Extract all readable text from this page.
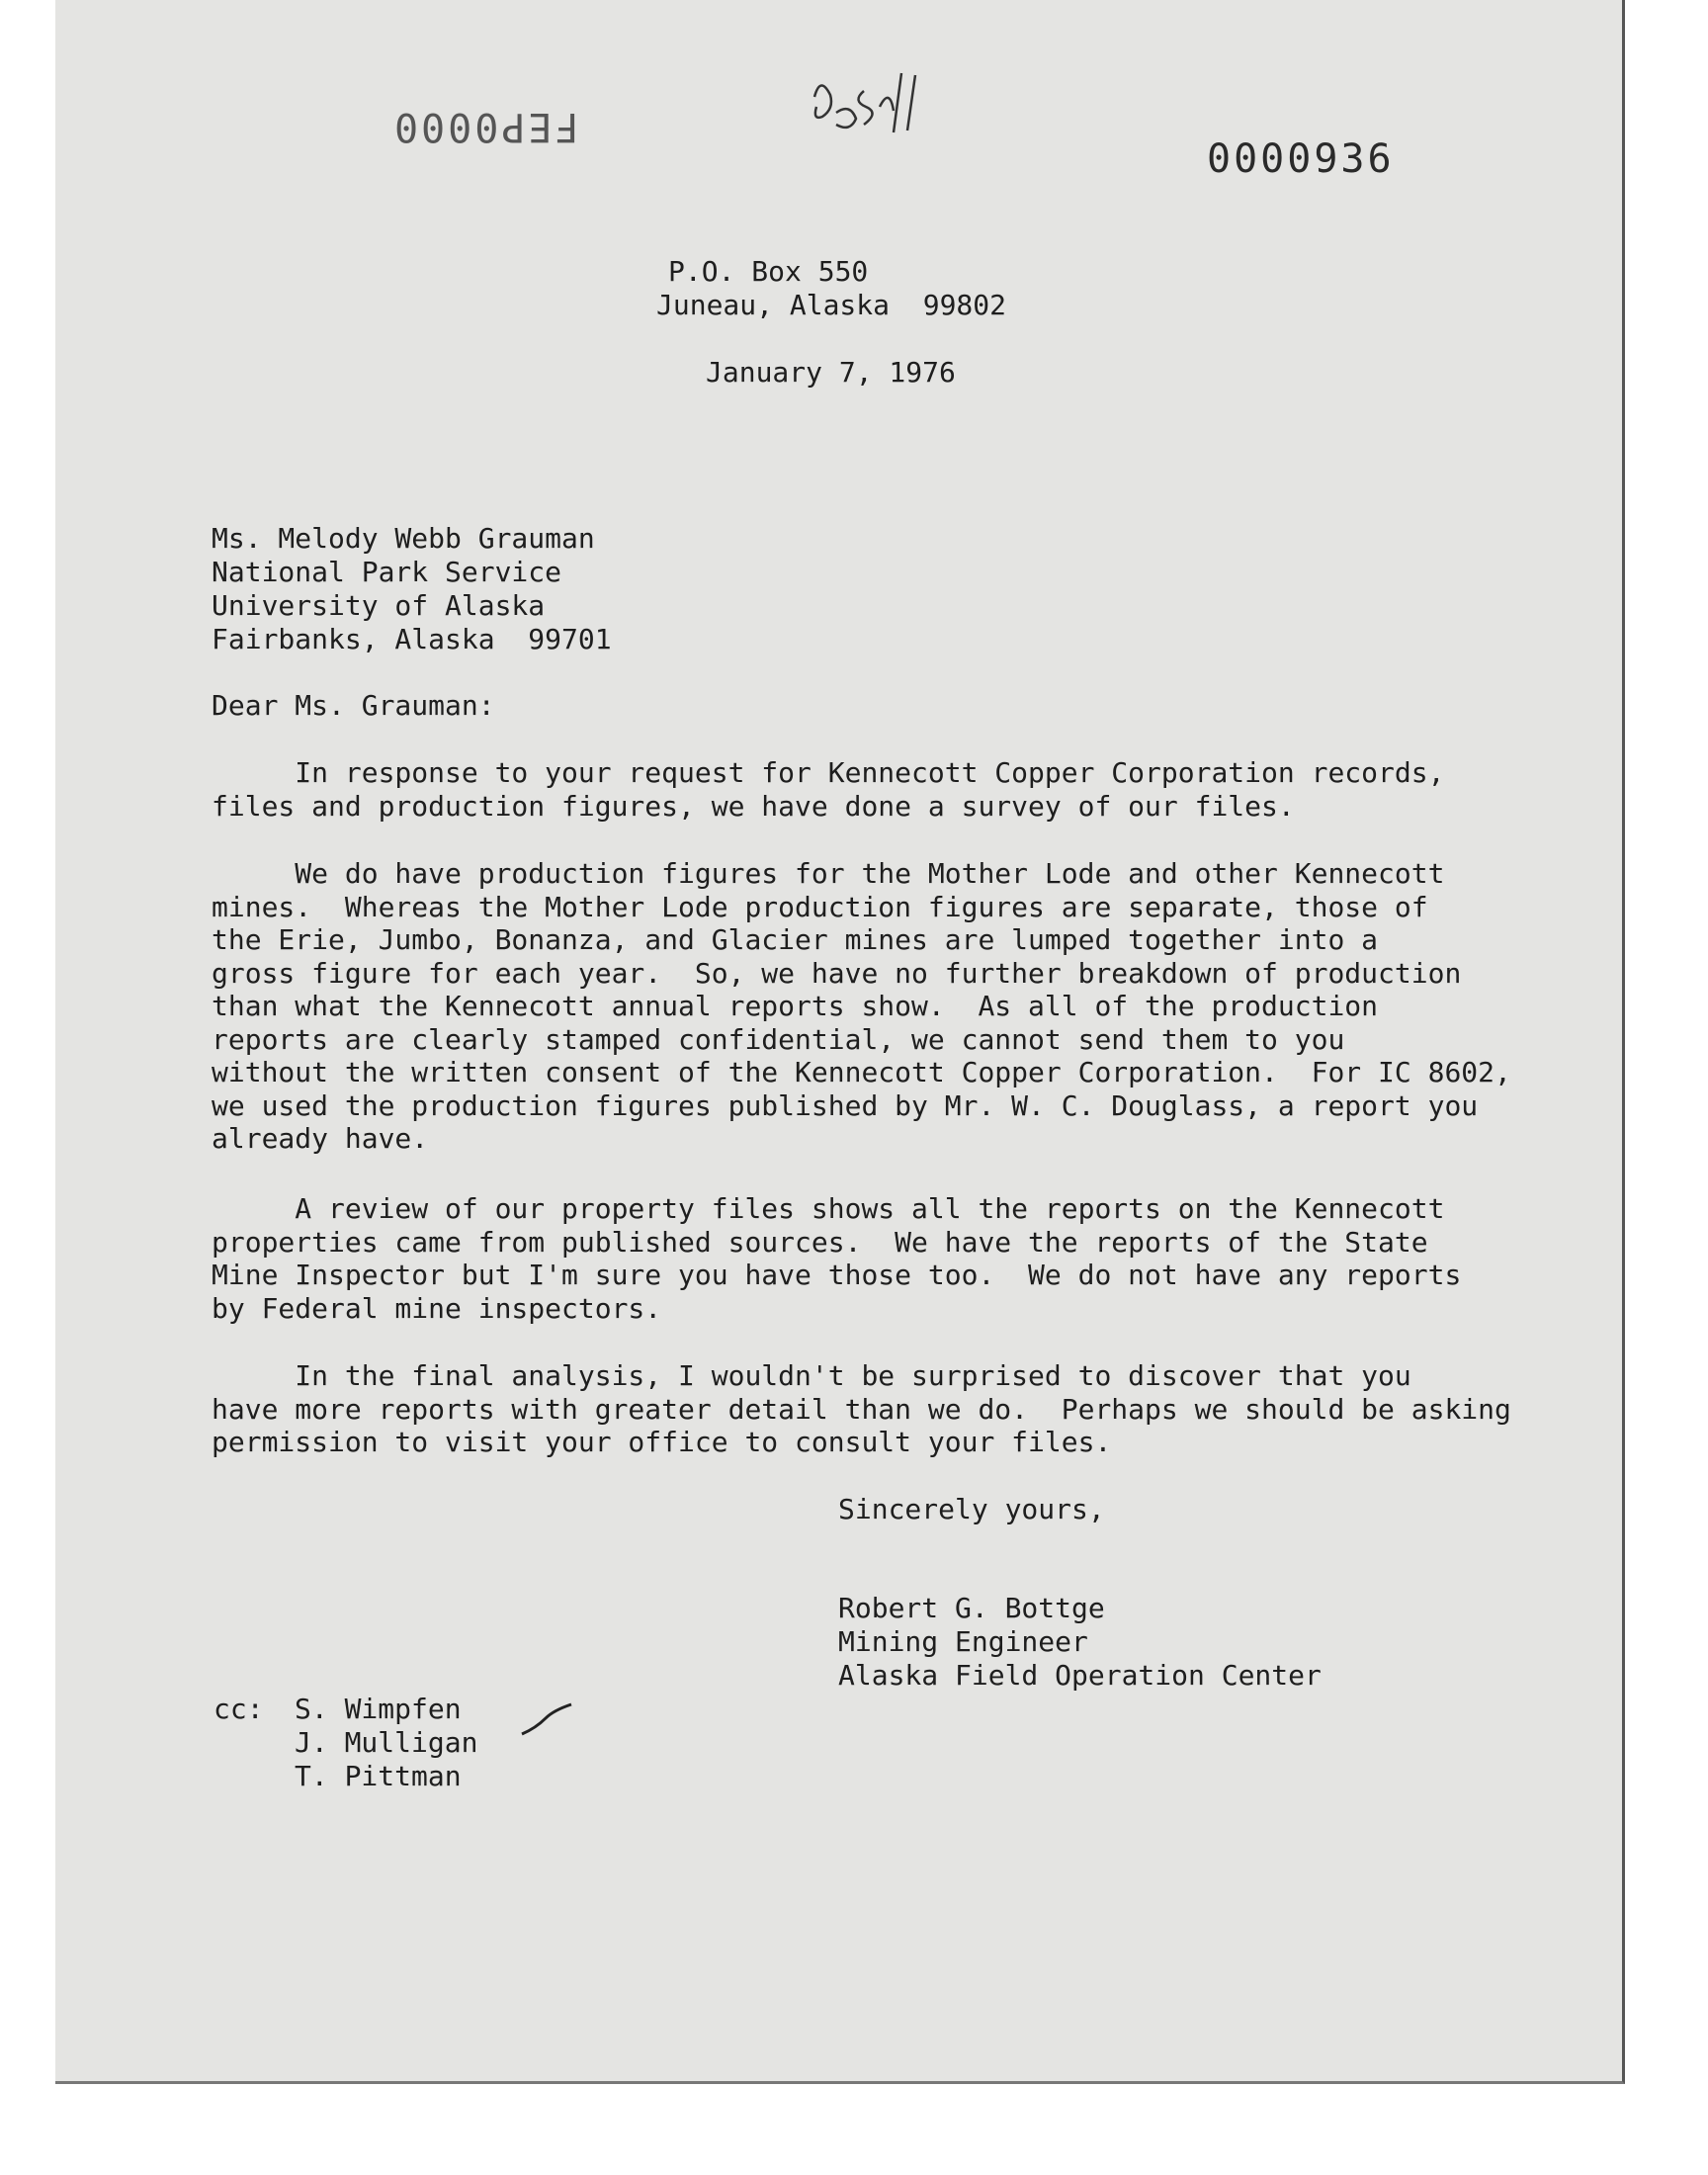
FEP0000
0000936
P.O. Box 550
Juneau, Alaska  99802
January 7, 1976
Ms. Melody Webb Grauman
National Park Service
University of Alaska
Fairbanks, Alaska  99701
Dear Ms. Grauman:
In response to your request for Kennecott Copper Corporation records,
files and production figures, we have done a survey of our files.
We do have production figures for the Mother Lode and other Kennecott
mines.  Whereas the Mother Lode production figures are separate, those of
the Erie, Jumbo, Bonanza, and Glacier mines are lumped together into a
gross figure for each year.  So, we have no further breakdown of production
than what the Kennecott annual reports show.  As all of the production
reports are clearly stamped confidential, we cannot send them to you
without the written consent of the Kennecott Copper Corporation.  For IC 8602,
we used the production figures published by Mr. W. C. Douglass, a report you
already have.
A review of our property files shows all the reports on the Kennecott
properties came from published sources.  We have the reports of the State
Mine Inspector but I'm sure you have those too.  We do not have any reports
by Federal mine inspectors.
In the final analysis, I wouldn't be surprised to discover that you
have more reports with greater detail than we do.  Perhaps we should be asking
permission to visit your office to consult your files.
Sincerely yours,
Robert G. Bottge
Mining Engineer
Alaska Field Operation Center
cc: S. Wimpfen
J. Mulligan
T. Pittman
